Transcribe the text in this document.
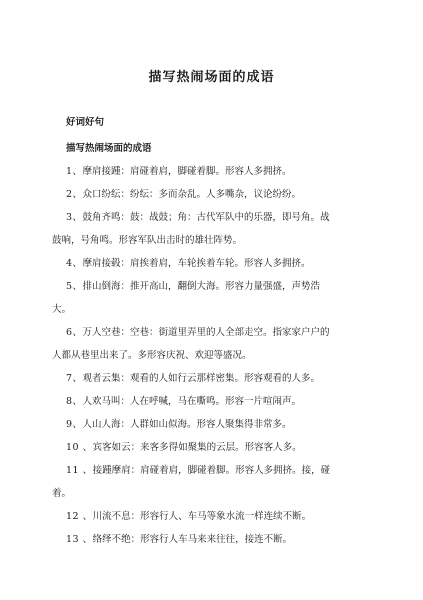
描写热闹场面的成语
好词好句
描写热闹场面的成语
1、摩肩接踵：肩碰着肩，脚碰着脚。形容人多拥挤。
2、众口纷纭：纷纭：多而杂乱。人多嘴杂，议论纷纷。
3、鼓角齐鸣：鼓：战鼓；角：古代军队中的乐器，即号角。战
鼓响，号角鸣。形容军队出击时的雄壮阵势。
4、摩肩接毂：肩挨着肩，车轮挨着车轮。形容人多拥挤。
5、排山倒海：推开高山，翻倒大海。形容力量强盛，声势浩
大。
6、万人空巷：空巷：街道里弄里的人全部走空。指家家户户的
人都从巷里出来了。多形容庆祝、欢迎等盛况。
7、观者云集：观看的人如行云那样密集。形容观看的人多。
8、人欢马叫：人在呼喊，马在嘶鸣。形容一片喧闹声。
9、人山人海：人群如山似海。形容人聚集得非常多。
10 、宾客如云：来客多得如聚集的云层。形容客人多。
11 、接踵摩肩：肩碰着肩，脚碰着脚。形容人多拥挤。接，碰
着。
12 、川流不息：形容行人、车马等象水流一样连续不断。
13 、络绎不绝：形容行人车马来来往往，接连不断。
